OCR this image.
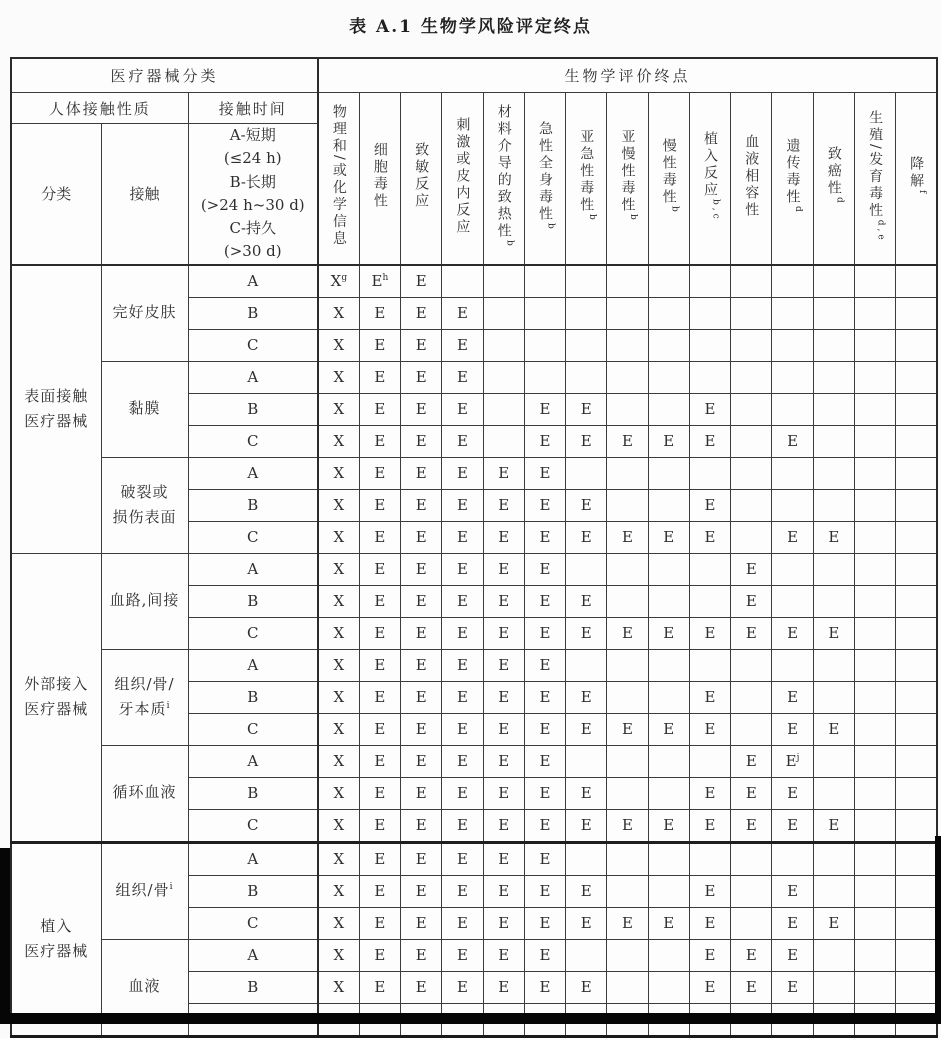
表 A.1 生物学风险评定终点
医疗器械分类			生物学评价终点														
人体接触性质		接触时间	物理和/或化学信息	细胞毒性	致敏反应	刺激或皮内反应	材料介导的致热性$^b$	急性全身毒性$^b$	亚急性毒性$^b$	亚慢性毒性$^b$	慢性毒性$^b$	植入反应$^{b,c}$	血液相容性	遗传毒性$^d$	致癌性$^d$	生殖/发育毒性$^{d,e}$	降解$^f$
分类	接触	A-短期
(≤24 h)
B-长期
(>24 h~30 d)
C-持久
(>30 d)
表面接触
医疗器械	完好皮肤	A	$X^g$	$E^h$	E												
		B	X	E	E	E											
		C	X	E	E	E											
	黏膜	A	X	E	E	E											
		B	X	E	E	E		E	E			E					
		C	X	E	E	E		E	E	E	E	E		E			
	破裂或
损伤表面	A	X	E	E	E	E	E									
		B	X	E	E	E	E	E	E			E					
		C	X	E	E	E	E	E	E	E	E	E		E	E		
外部接入
医疗器械	血路,间接	A	X	E	E	E	E	E					E				
		B	X	E	E	E	E	E	E				E				
		C	X	E	E	E	E	E	E	E	E	E	E	E	E		
	组织/骨/
牙本质$^i$	A	X	E	E	E	E	E									
		B	X	E	E	E	E	E	E			E		E			
		C	X	E	E	E	E	E	E	E	E	E		E	E		
	循环血液	A	X	E	E	E	E	E					E	$E^j$			
		B	X	E	E	E	E	E	E			E	E	E			
		C	X	E	E	E	E	E	E	E	E	E	E	E	E		
植入
医疗器械	组织/骨$^i$	A	X	E	E	E	E	E									
		B	X	E	E	E	E	E	E			E		E			
		C	X	E	E	E	E	E	E	E	E	E		E	E		
	血液	A	X	E	E	E	E	E				E	E	E			
		B	X	E	E	E	E	E	E			E	E	E			
